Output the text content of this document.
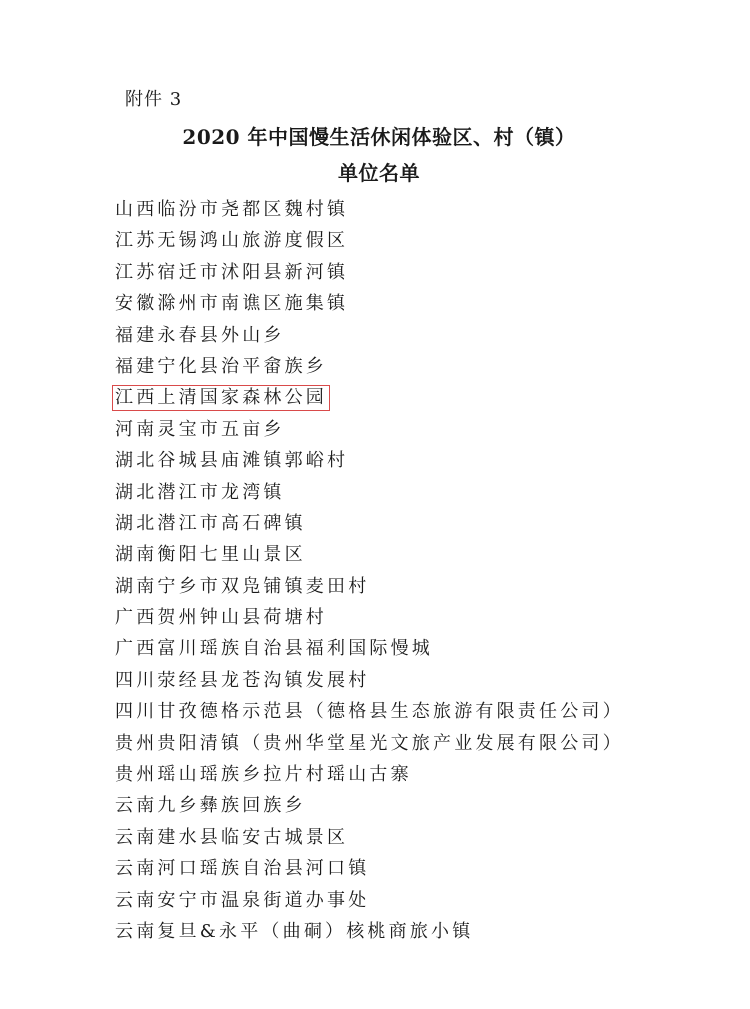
附件 3
2020 年中国慢生活休闲体验区、村（镇）
单位名单
山西临汾市尧都区魏村镇
江苏无锡鸿山旅游度假区
江苏宿迁市沭阳县新河镇
安徽滁州市南谯区施集镇
福建永春县外山乡
福建宁化县治平畲族乡
江西上清国家森林公园
河南灵宝市五亩乡
湖北谷城县庙滩镇郭峪村
湖北潜江市龙湾镇
湖北潜江市高石碑镇
湖南衡阳七里山景区
湖南宁乡市双凫铺镇麦田村
广西贺州钟山县荷塘村
广西富川瑶族自治县福利国际慢城
四川荥经县龙苍沟镇发展村
四川甘孜德格示范县（德格县生态旅游有限责任公司）
贵州贵阳清镇（贵州华堂星光文旅产业发展有限公司）
贵州瑶山瑶族乡拉片村瑶山古寨
云南九乡彝族回族乡
云南建水县临安古城景区
云南河口瑶族自治县河口镇
云南安宁市温泉街道办事处
云南复旦&永平（曲硐）核桃商旅小镇
